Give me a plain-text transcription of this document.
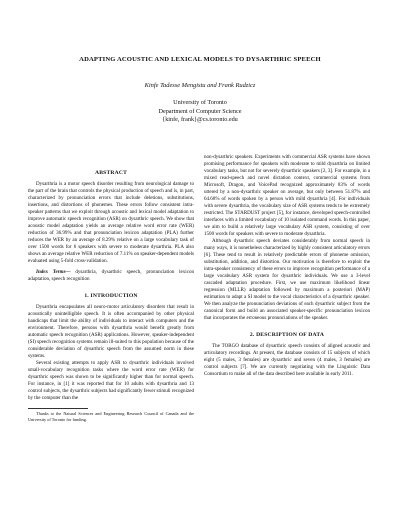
ADAPTING ACOUSTIC AND LEXICAL MODELS TO DYSARTHRIC SPEECH
Kinfe Tadesse Mengistu and Frank Rudzicz
University of Toronto
Department of Computer Science
{kinfe, frank}@cs.toronto.edu
ABSTRACT

Dysarthria is a motor speech disorder resulting from neurological damage to the part of the brain that controls the physical production of speech and is, in part, characterized by pronunciation errors that include deletions, substitutions, insertions, and distortions of phonemes. These errors follow consistent intra-speaker patterns that we exploit through acoustic and lexical model adaptation to improve automatic speech recognition (ASR) on dysarthric speech. We show that acoustic model adaptation yields an average relative word error rate (WER) reduction of 36.99% and that pronunciation lexicon adaptation (PLA) further reduces the WER by an average of 8.29% relative on a large vocabulary task of over 1500 words for 6 speakers with severe to moderate dysarthria. PLA also shows an average relative WER reduction of 7.11% on speaker-dependent models evaluated using 5-fold cross-validation.

Index Terms— dysarthria, dysarthric speech, pronunciation lexicon adaptation, speech recognition

1. INTRODUCTION

Dysarthria encapsulates all neuro-motor articulatory disorders that result in acoustically unintelligible speech. It is often accompanied by other physical handicaps that limit the ability of individuals to interact with computers and the environment. Therefore, persons with dysarthria would benefit greatly from automatic speech recognition (ASR) applications. However, speaker-independent (SI) speech recognition systems remain ill-suited to this population because of the considerable deviation of dysarthric speech from the assumed norm in these systems.

Several existing attempts to apply ASR to dysarthric individuals involved small-vocabulary recognition tasks where the word error rate (WER) for dysarthric speech was shown to be significantly higher than for normal speech. For instance, in [1] it was reported that for 10 adults with dysarthria and 13 control subjects, the dysarthric subjects had significantly fewer stimuli recognized by the computer than the

Thanks to the Natural Sciences and Engineering Research Council of Canada and the University of Toronto for funding.

non-dysarthric speakers. Experiments with commercial ASR systems have shown promising performance for speakers with moderate to mild dysarthria on limited vocabulary tasks, but not for severely dysarthric speakers [2, 3]. For example, in a mixed read-speech and novel dictation context, commercial systems from Microsoft, Dragon, and VoicePad recognized approximately 83% of words uttered by a non-dysarthric speaker on average, but only between 51.87% and 64.68% of words spoken by a person with mild dysarthria [4]. For individuals with severe dysarthria, the vocabulary size of ASR systems tends to be extremely restricted. The STARDUST project [5], for instance, developed speech-controlled interfaces with a limited vocabulary of 10 isolated command words. In this paper, we aim to build a relatively large vocabulary ASR system, consisting of over 1500 words for speakers with severe to moderate dysarthria.

Although dysarthric speech deviates considerably from normal speech in many ways, it is nonetheless characterized by highly consistent articulatory errors [6]. These tend to result in relatively predictable errors of phoneme omission, substitution, addition, and distortion. Our motivation is therefore to exploit the intra-speaker consistency of these errors to improve recognition performance of a large vocabulary ASR system for dysarthric individuals. We use a 3-level cascaded adaptation procedure. First, we use maximum likelihood linear regression (MLLR) adaptation followed by maximum a posteriori (MAP) estimation to adapt a SI model to the vocal characteristics of a dysarthric speaker. We then analyze the pronunciation deviations of each dysarthric subject from the canonical form and build an associated speaker-specific pronunciation lexicon that incorporates the erroneous pronunciations of the speaker.

2. DESCRIPTION OF DATA

The TORGO database of dysarthric speech consists of aligned acoustic and articulatory recordings. At present, the database consists of 15 subjects of which eight (5 males, 3 females) are dysarthric and seven (4 males, 3 females) are control subjects [7]. We are currently negotiating with the Linguistic Data Consortium to make all of the data described here available in early 2011.
